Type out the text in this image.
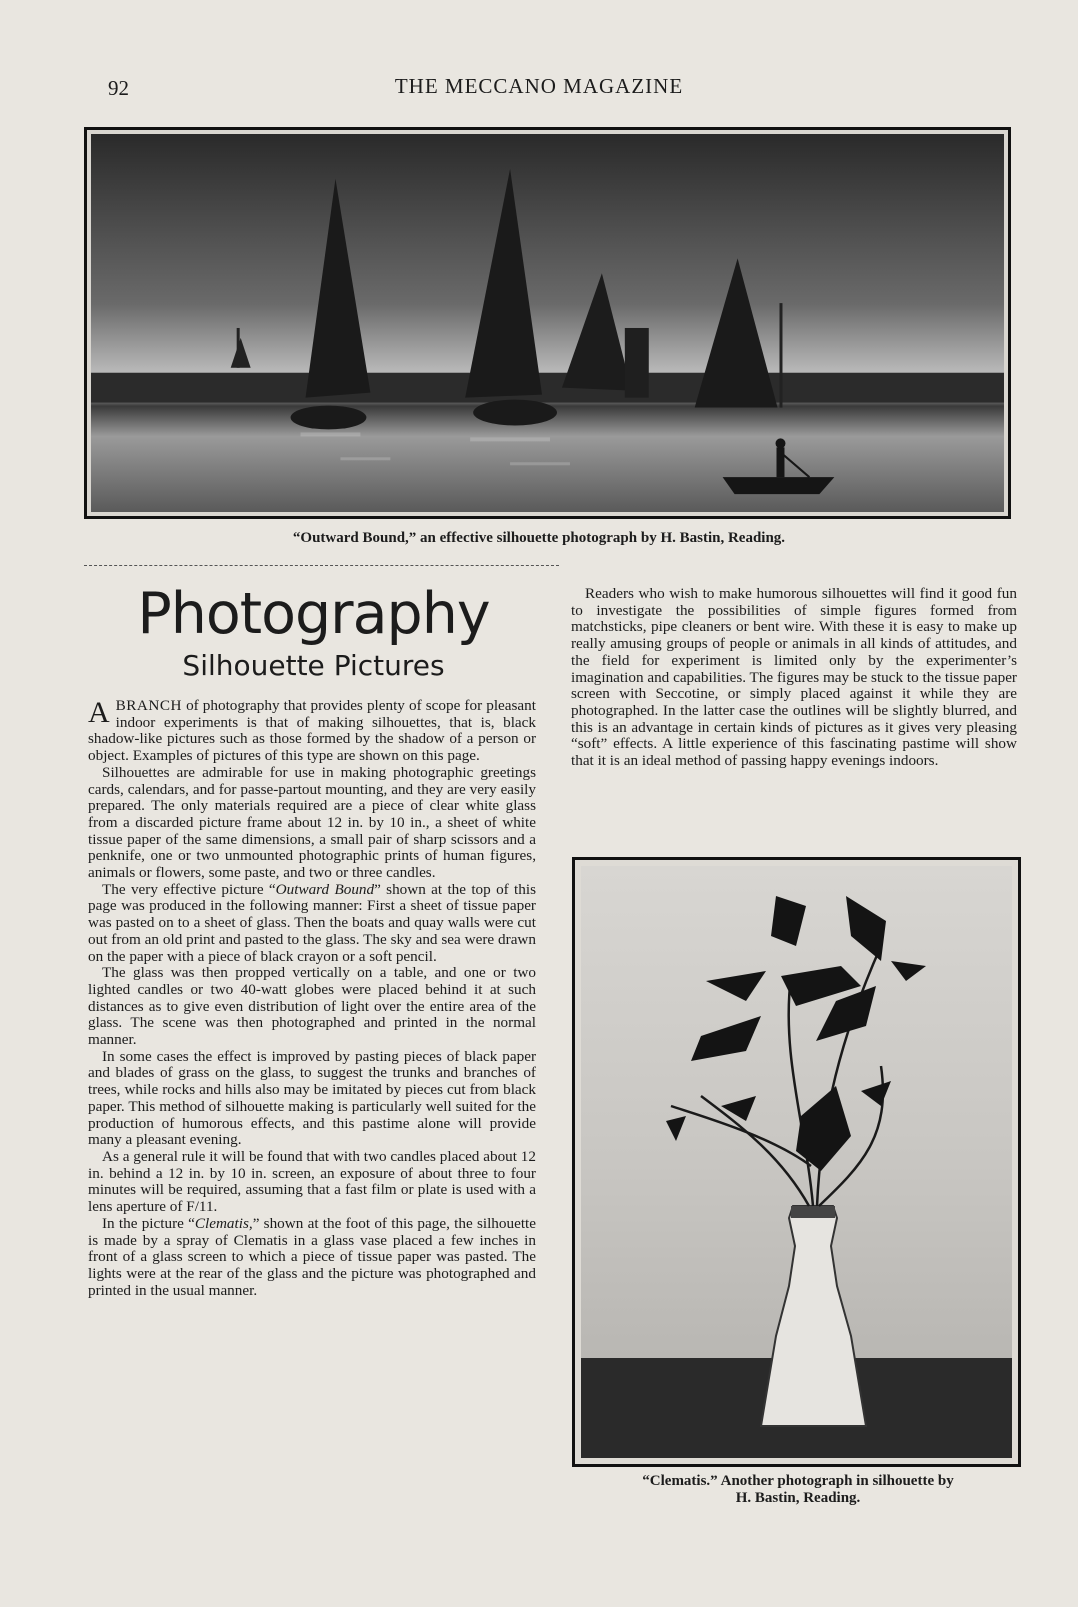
92	THE MECCANO MAGAZINE
“Outward Bound,” an effective silhouette photograph by H. Bastin, Reading.
Photography
Silhouette Pictures

ABRANCH of photography that provides plenty of scope for pleasant indoor experiments is that of making silhouettes, that is, black shadow-like pictures such as those formed by the shadow of a person or object. Examples of pictures of this type are shown on this page.

Silhouettes are admirable for use in making photographic greetings cards, calendars, and for passe-partout mounting, and they are very easily prepared. The only materials required are a piece of clear white glass from a discarded picture frame about 12 in. by 10 in., a sheet of white tissue paper of the same dimensions, a small pair of sharp scissors and a penknife, one or two unmounted photographic prints of human figures, animals or flowers, some paste, and two or three candles.

The very effective picture “Outward Bound” shown at the top of this page was produced in the following manner: First a sheet of tissue paper was pasted on to a sheet of glass. Then the boats and quay walls were cut out from an old print and pasted to the glass. The sky and sea were drawn on the paper with a piece of black crayon or a soft pencil.

The glass was then propped vertically on a table, and one or two lighted candles or two 40-watt globes were placed behind it at such distances as to give even distribution of light over the entire area of the glass. The scene was then photographed and printed in the normal manner.

In some cases the effect is improved by pasting pieces of black paper and blades of grass on the glass, to suggest the trunks and branches of trees, while rocks and hills also may be imitated by pieces cut from black paper. This method of silhouette making is particularly well suited for the production of humorous effects, and this pastime alone will provide many a pleasant evening.

As a general rule it will be found that with two candles placed about 12 in. behind a 12 in. by 10 in. screen, an exposure of about three to four minutes will be required, assuming that a fast film or plate is used with a lens aperture of F/11.

In the picture “Clematis,” shown at the foot of this page, the silhouette is made by a spray of Clematis in a glass vase placed a few inches in front of a glass screen to which a piece of tissue paper was pasted. The lights were at the rear of the glass and the picture was photographed and printed in the usual manner.

Readers who wish to make humorous silhouettes will find it good fun to investigate the possibilities of simple figures formed from matchsticks, pipe cleaners or bent wire. With these it is easy to make up really amusing groups of people or animals in all kinds of attitudes, and the field for experiment is limited only by the experimenter’s imagination and capabilities. The figures may be stuck to the tissue paper screen with Seccotine, or simply placed against it while they are photographed. In the latter case the outlines will be slightly blurred, and this is an advantage in certain kinds of pictures as it gives very pleasing “soft” effects. A little experience of this fascinating pastime will show that it is an ideal method of passing happy evenings indoors.

“Clematis.” Another photograph in silhouette by
H. Bastin, Reading.
